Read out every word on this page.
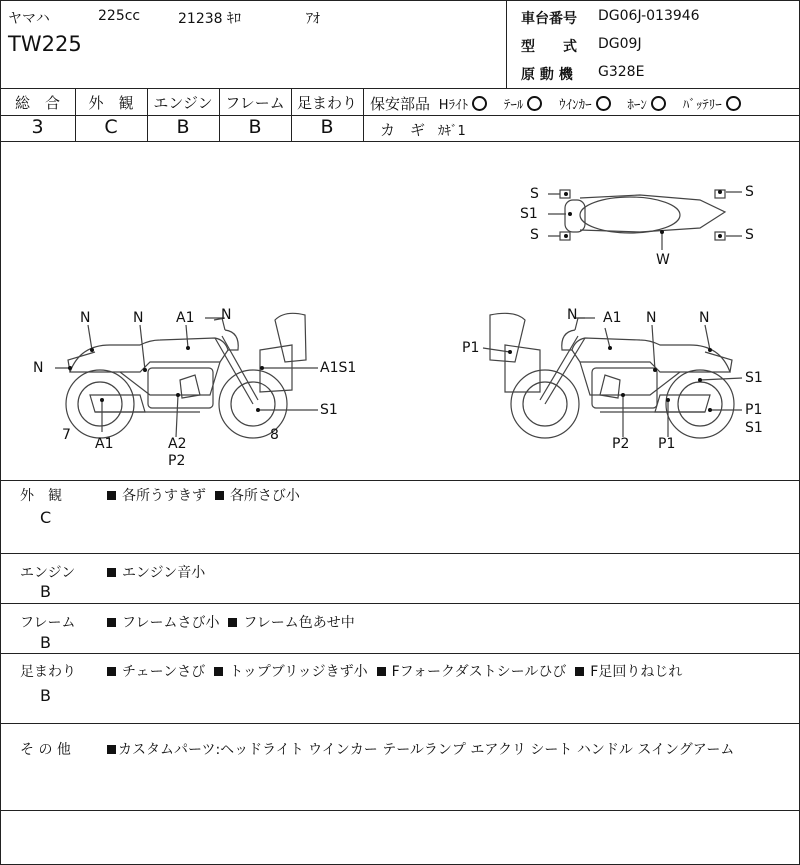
ヤマハ	225cc	21238 ｷﾛ	ｱｵ
TW225
車台番号 DG06J-013946
型　　式 DG09J
原 動 機 G328E
総　合	外　観	エンジン フレーム 足まわり
3	C	B	B	B
保安部品 Hﾗｲﾄ	ﾃｰﾙ	ｳｲﾝｶｰ	ﾎｰﾝ	ﾊﾞｯﾃﾘｰ
カ　ギ ｶｷﾞ1
N	N A1 N
N	A1S1
S1
7
A1	A2
P2
8
N A1 N	N
P1
S1
P1
S1
P2 P1
S
S1
S
S
S
W
外　観
C
各所うすきず 各所さび小
エンジン
B
エンジン音小
フレーム
B
フレームさび小 フレーム色あせ中
足まわり
B
チェーンさび トップブリッジきず小 Fフォークダストシールひび F足回りねじれ
そ の 他	カスタムパーツ:ヘッドライト ウインカー テールランプ エアクリ シート ハンドル スイングアーム
